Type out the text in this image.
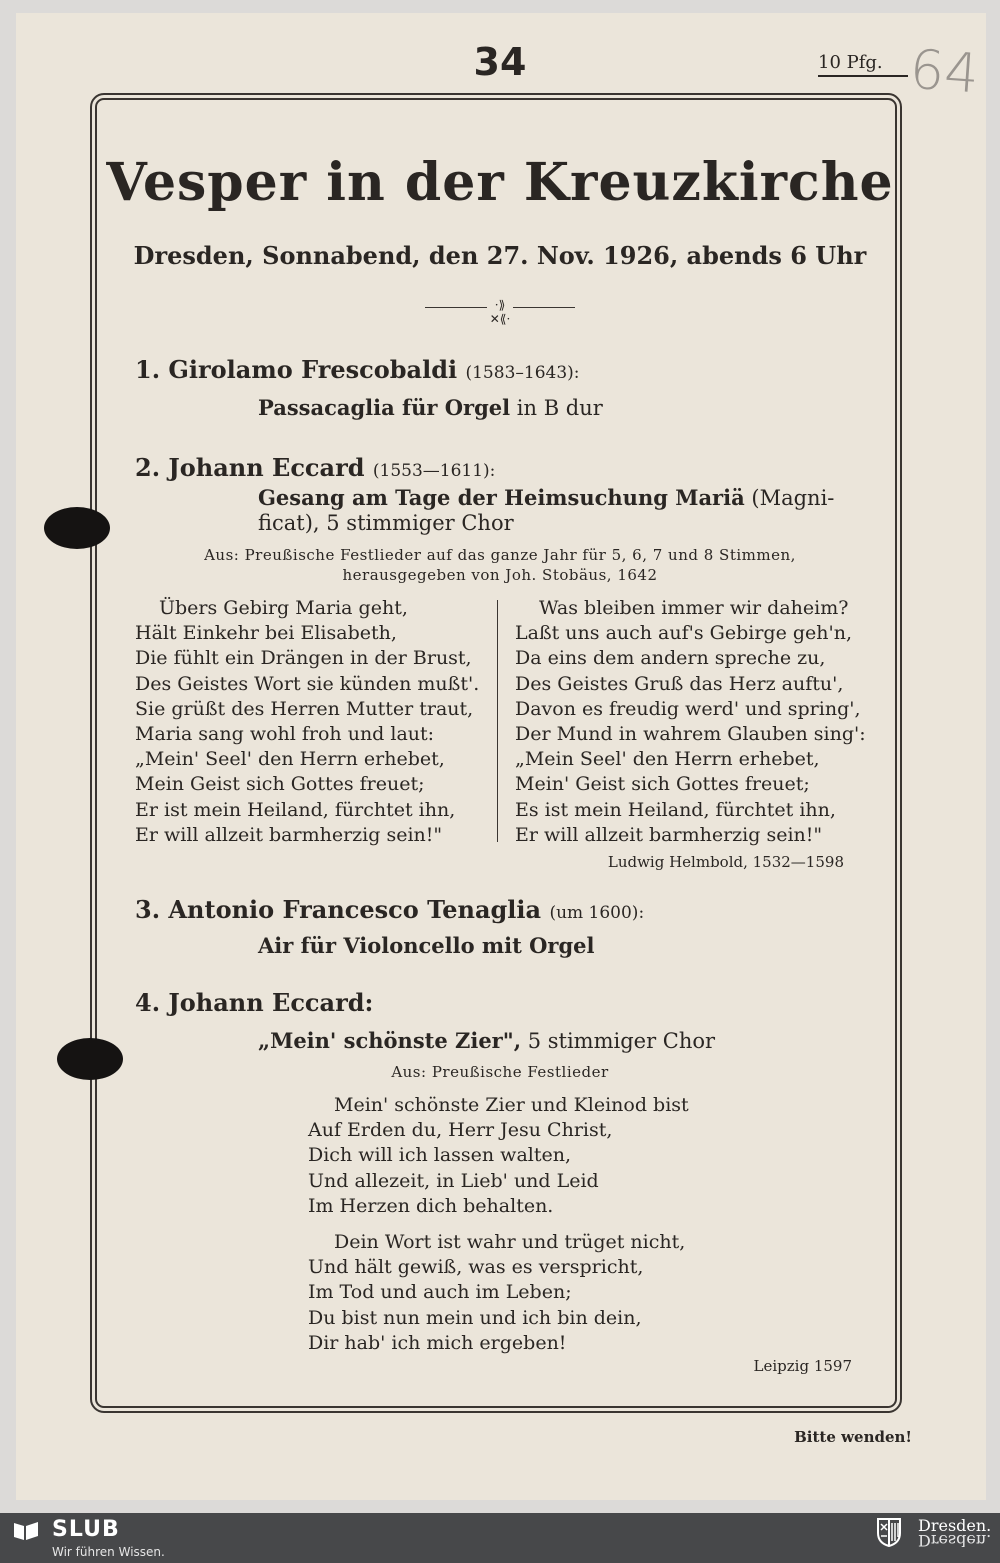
34	10 Pfg. 64
Vesper in der Kreuzkirche
Dresden, Sonnabend, den 27. Nov. 1926, abends 6 Uhr
·⟫✕⟪·
1. Girolamo Frescobaldi (1583–1643):
Passacaglia für Orgel in B dur
2. Johann Eccard (1553—1611):
Gesang am Tage der Heimsuchung Mariä (Magni-
ficat), 5 stimmiger Chor
Aus: Preußische Festlieder auf das ganze Jahr für 5, 6, 7 und 8 Stimmen,
herausgegeben von Joh. Stobäus, 1642
Übers Gebirg Maria geht,
Hält Einkehr bei Elisabeth,
Die fühlt ein Drängen in der Brust,
Des Geistes Wort sie künden mußt'.
Sie grüßt des Herren Mutter traut,
Maria sang wohl froh und laut:
„Mein' Seel' den Herrn erhebet,
Mein Geist sich Gottes freuet;
Er ist mein Heiland, fürchtet ihn,
Er will allzeit barmherzig sein!"
Was bleiben immer wir daheim?
Laßt uns auch auf's Gebirge geh'n,
Da eins dem andern spreche zu,
Des Geistes Gruß das Herz auftu',
Davon es freudig werd' und spring',
Der Mund in wahrem Glauben sing':
„Mein Seel' den Herrn erhebet,
Mein' Geist sich Gottes freuet;
Es ist mein Heiland, fürchtet ihn,
Er will allzeit barmherzig sein!"
Ludwig Helmbold, 1532—1598
3. Antonio Francesco Tenaglia (um 1600):
Air für Violoncello mit Orgel
4. Johann Eccard:
„Mein' schönste Zier", 5 stimmiger Chor
Aus: Preußische Festlieder
Mein' schönste Zier und Kleinod bist
Auf Erden du, Herr Jesu Christ,
Dich will ich lassen walten,
Und allezeit, in Lieb' und Leid
Im Herzen dich behalten.
Dein Wort ist wahr und trüget nicht,
Und hält gewiß, was es verspricht,
Im Tod und auch im Leben;
Du bist nun mein und ich bin dein,
Dir hab' ich mich ergeben!
Leipzig 1597
Bitte wenden!
SLUB
Wir führen Wissen.
Dresden.
Dresden.
